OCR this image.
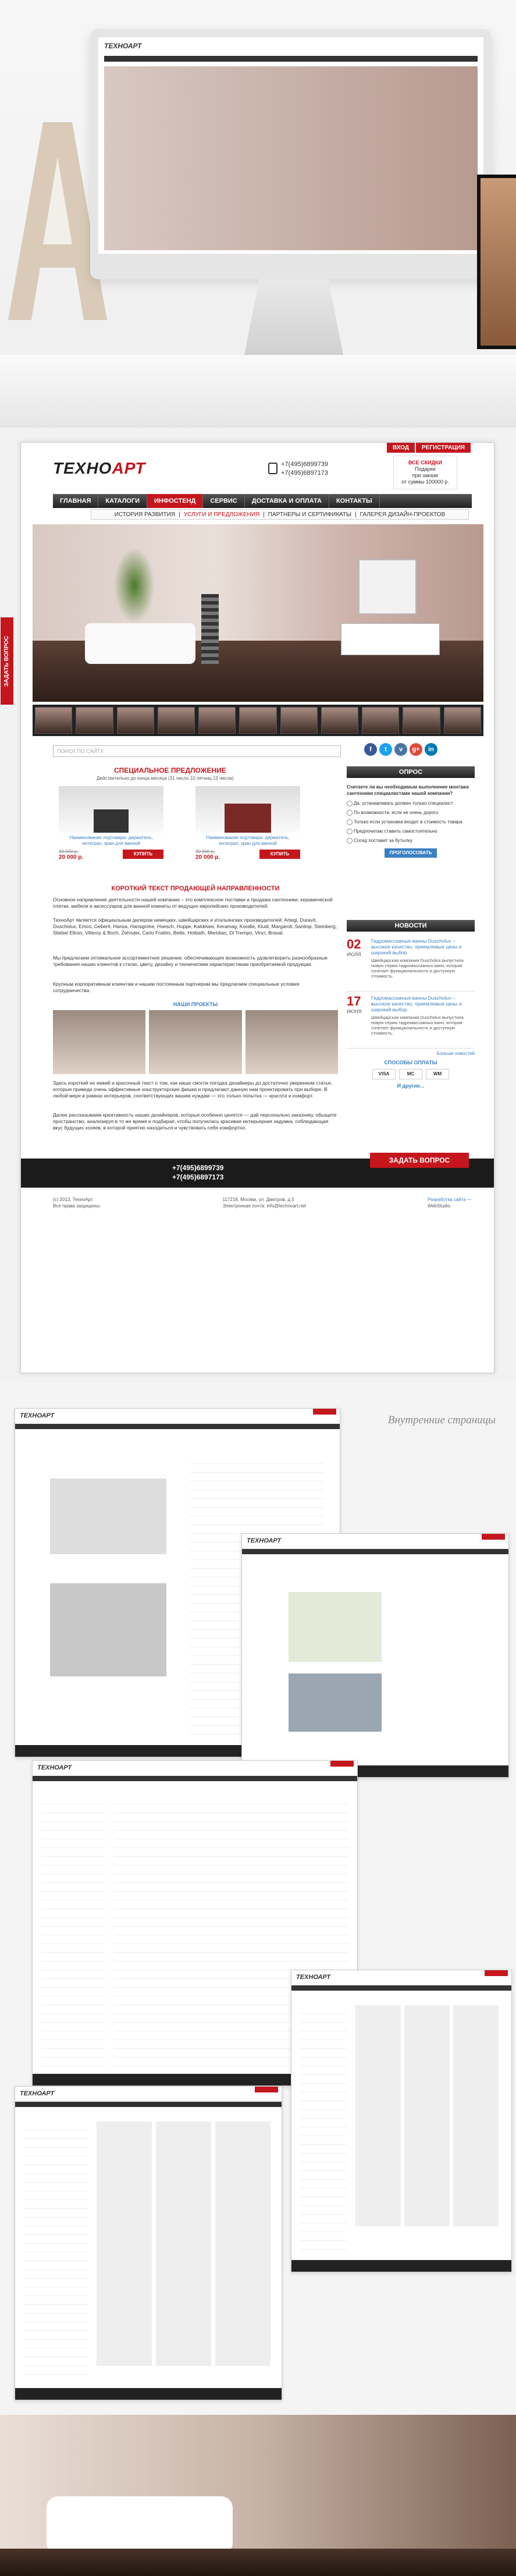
ТЕХНОАРТ
ВХОД	РЕГИСТРАЦИЯ
ТЕХНОАРТ	+7(495)6899739
+7(495)6897173
ВСЕ СКИДКИ
Подарки
при заказе
от суммы 100000 р.
ГЛАВНАЯ	КАТАЛОГИ	ИНФОСТЕНД	СЕРВИС	ДОСТАВКА И ОПЛАТА	КОНТАКТЫ
ИСТОРИЯ РАЗВИТИЯ | УСЛУГИ И ПРЕДЛОЖЕНИЯ | ПАРТНЕРЫ И СЕРТИФИКАТЫ | ГАЛЕРЕЯ ДИЗАЙН-ПРОЕКТОВ
ЗАДАТЬ ВОПРОС
ПОИСК ПО САЙТУ	f	t	v	g+	in
СПЕЦИАЛЬНОЕ ПРЕДЛОЖЕНИЕ
Действительно до конца месяца (31 число 10 пятниц 13 числа)
Наименование подтовара: держатель, интеграл, кран для ванной
30 000 р.
20 000 р.
КУПИТЬ
Наименование подтовара: держатель, интеграл, кран для ванной
30 000 р.
20 000 р.
КУПИТЬ
ОПРОС
Считаете ли вы необходимым выполнение монтажа сантехники специалистами нашей компании?
Да, устанавливать должен только специалист
По возможности, если не очень дорого
Только если установка входит в стоимость товара
Предпочитаю ставить самостоятельно
Сосед поставит за бутылку
ПРОГОЛОСОВАТЬ
КОРОТКИЙ ТЕКСТ ПРОДАЮЩЕЙ НАПРАВЛЕННОСТИ
Основное направление деятельности нашей компании – это комплексное поставки и продажа сантехники, керамической плитки, мебели и аксессуаров для ванной комнаты от ведущих европейских производителей.
ТехноАрт является официальным дилером немецких, швейцарских и итальянских производителей: Artegi, Duravit, Duscholux, Emco, Geberit, Hansa, Hansgrohe, Hoesch, Huppe, Kaldewei, Keramag, Koralle, Kludi, Margaroli, Sanitop, Steinberg, Stiebel Eltron, Villeroy & Boch, Zehnder, Carlo Frattini, Bette, Hotbath, Meridian, Di Trempo, Vinci, Bravat.
Мы предлагаем оптимальное ассортиментное решение, обеспечивающее возможность удовлетворить разнообразные требования наших клиентов к стилю, цвету, дизайну и техническим характеристикам приобретаемой продукции.
Крупным корпоративным клиентам и нашим постоянным партнерам мы предлагаем специальные условия сотрудничества.
НАШИ ПРОЕКТЫ
Здесь короткий но емкий и красочный текст о том, как наши смогли погодка дизайнеры до достаточно уверенном статье, которые приведи очень эффективные конструкторские фишки и предлагают данную нам проектировать при выборе. В любой мере в рамках интерьеров, соответствующих вашим нуждам — это только попытка — красота и комфорт.
Далее рассказываем креативность наших дизайнеров, которые особенно ценятся — дай персонально заказчику, обыщите пространство, анализируя в то же время и подбирая, чтобы получилась красивая интерьерная задумка, соблюдающая вкус будущих хозяев, в которой приятно находиться и чувствовать себя комфортно.
НОВОСТИ
02
ИЮЛЯ
Гидромассажные ванны Duscholux – высокое качество, приемлемые цены и широкий выбор
Швейцарская компания Duscholux выпустила новую серию гидромассажных ванн, которая сочетает функциональность и доступную стоимость.
17
ИЮНЯ
Гидромассажные ванны Duscholux – высокое качество, приемлемые цены и широкий выбор
Швейцарская компания Duscholux выпустила новую серию гидромассажных ванн, которая сочетает функциональность и доступную стоимость.
Больше новостей
СПОСОБЫ ОПЛАТЫ
VISA	MC	WM
И другие...
+7(495)6899739
+7(495)6897173
ЗАДАТЬ ВОПРОС
(c) 2013, ТехноАрт.
Все права защищены.
117218, Москва, ул. Дмитров, д.5
Электронная почта: info@technoart.net
Разработка сайта —
WebStudio
Внутренние страницы
ТЕХНОАРТ
ТЕХНОАРТ
ТЕХНОАРТ
ТЕХНОАРТ
ТЕХНОАРТ
